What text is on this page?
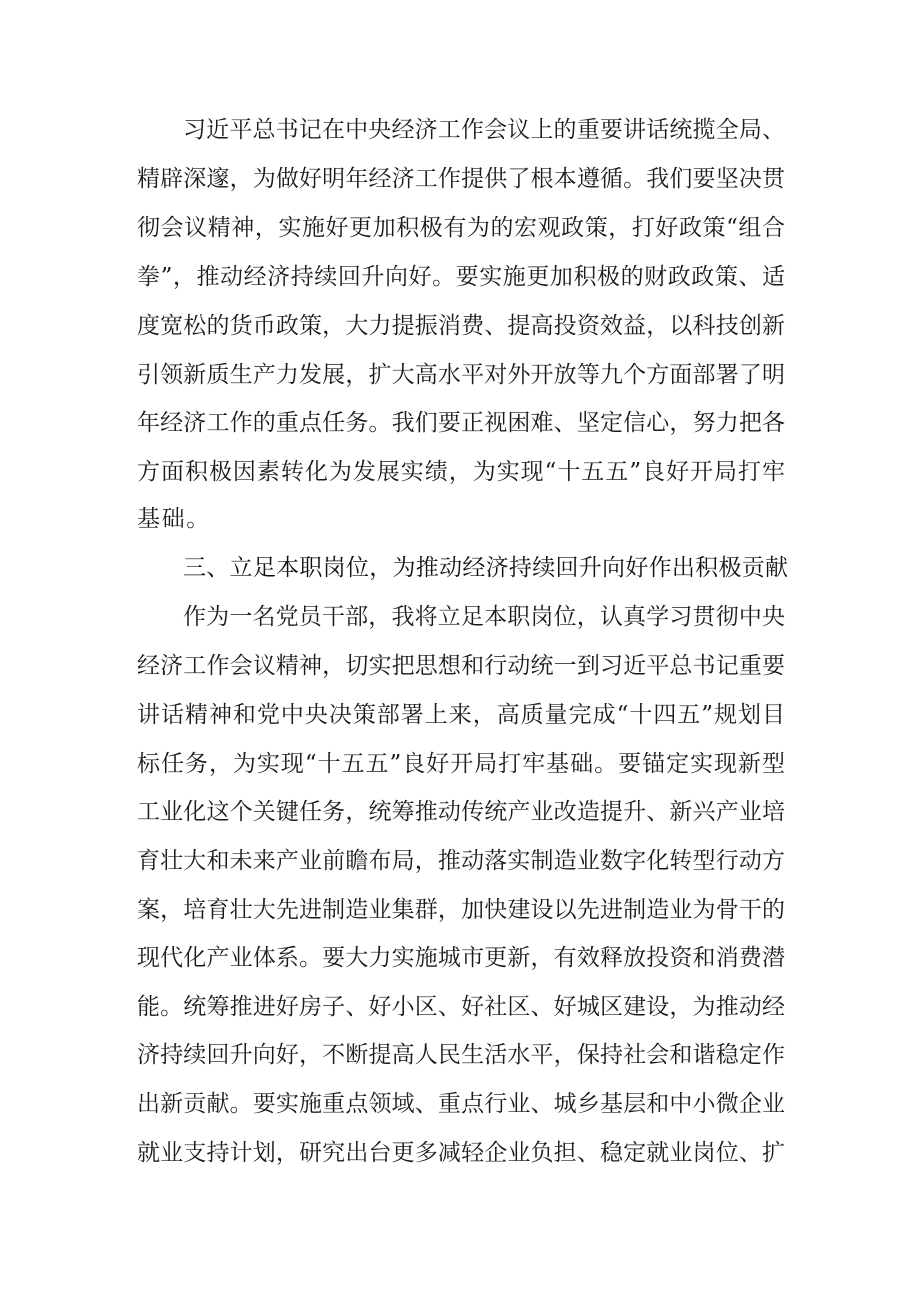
习近平总书记在中央经济工作会议上的重要讲话统揽全局、
精辟深邃，为做好明年经济工作提供了根本遵循。我们要坚决贯
彻会议精神，实施好更加积极有为的宏观政策，打好政策“组合
拳”，推动经济持续回升向好。要实施更加积极的财政政策、适
度宽松的货币政策，大力提振消费、提高投资效益，以科技创新
引领新质生产力发展，扩大高水平对外开放等九个方面部署了明
年经济工作的重点任务。我们要正视困难、坚定信心，努力把各
方面积极因素转化为发展实绩，为实现“十五五”良好开局打牢
基础。
三、立足本职岗位，为推动经济持续回升向好作出积极贡献
作为一名党员干部，我将立足本职岗位，认真学习贯彻中央
经济工作会议精神，切实把思想和行动统一到习近平总书记重要
讲话精神和党中央决策部署上来，高质量完成“十四五”规划目
标任务，为实现“十五五”良好开局打牢基础。要锚定实现新型
工业化这个关键任务，统筹推动传统产业改造提升、新兴产业培
育壮大和未来产业前瞻布局，推动落实制造业数字化转型行动方
案，培育壮大先进制造业集群，加快建设以先进制造业为骨干的
现代化产业体系。要大力实施城市更新，有效释放投资和消费潜
能。统筹推进好房子、好小区、好社区、好城区建设，为推动经
济持续回升向好，不断提高人民生活水平，保持社会和谐稳定作
出新贡献。要实施重点领域、重点行业、城乡基层和中小微企业
就业支持计划，研究出台更多减轻企业负担、稳定就业岗位、扩
